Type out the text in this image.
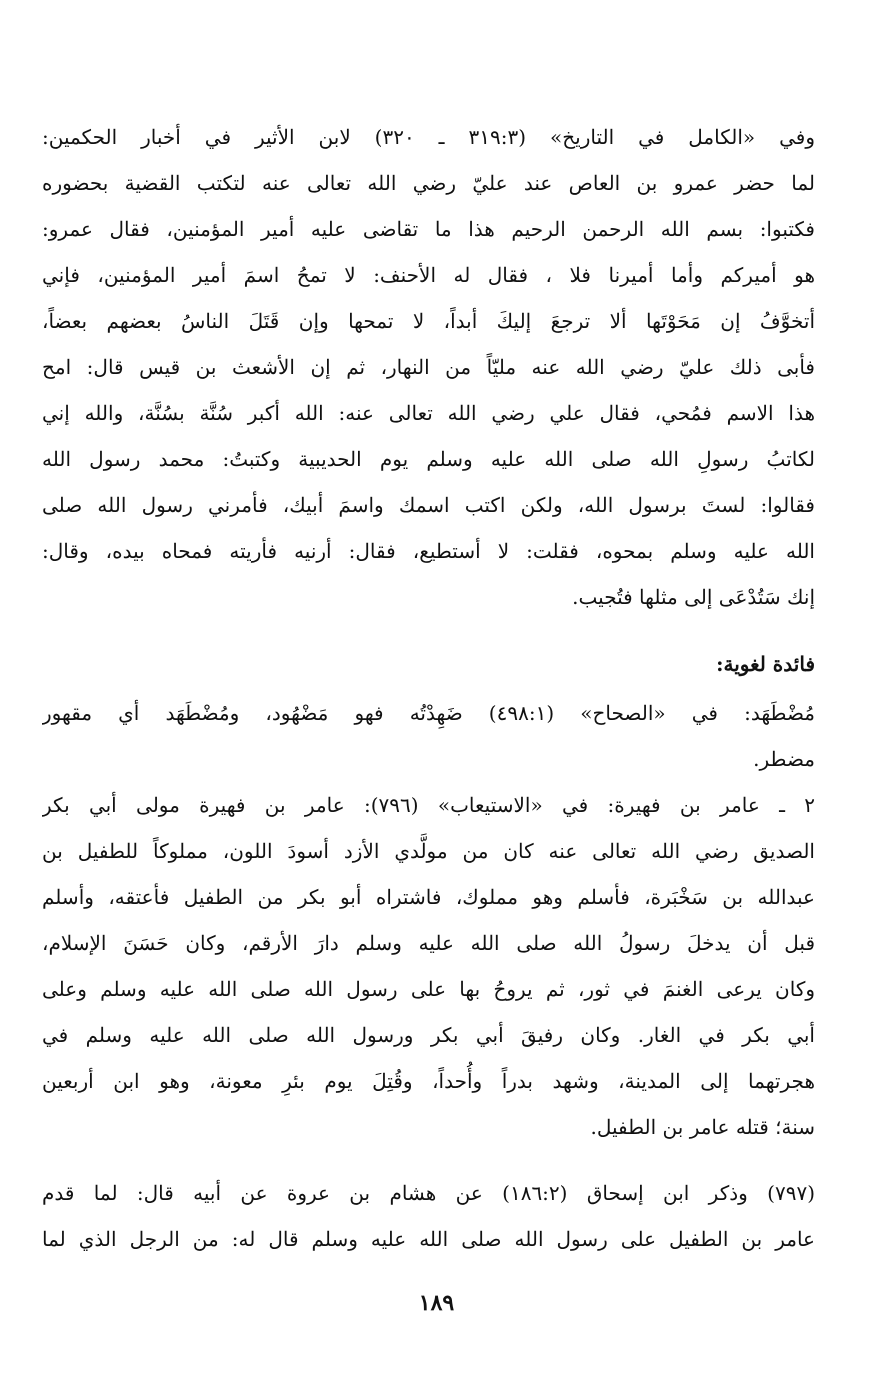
وفي «الكامل في التاريخ» (٣١٩:٣ ـ ٣٢٠) لابن الأثير في أخبار الحكمين:
لما حضر عمرو بن العاص عند عليّ رضي الله تعالى عنه لتكتب القضية بحضوره
فكتبوا: بسم الله الرحمن الرحيم هذا ما تقاضى عليه أمير المؤمنين، فقال عمرو:
هو أميركم وأما أميرنا فلا ، فقال له الأحنف: لا تمحُ اسمَ أمير المؤمنين، فإني
أتخوَّفُ إن مَحَوْتَها ألا ترجعَ إليكَ أبداً، لا تمحها وإن قَتَلَ الناسُ بعضهم بعضاً،
فأبى ذلك عليّ رضي الله عنه مليّاً من النهار، ثم إن الأشعث بن قيس قال: امح
هذا الاسم فمُحي، فقال علي رضي الله تعالى عنه: الله أكبر سُنَّة بسُنَّة، والله إني
لكاتبُ رسولِ الله صلى الله عليه وسلم يوم الحديبية وكتبتُ: محمد رسول الله
فقالوا: لستَ برسول الله، ولكن اكتب اسمك واسمَ أبيك، فأمرني رسول الله صلى
الله عليه وسلم بمحوه، فقلت: لا أستطيع، فقال: أرنيه فأريته فمحاه بيده، وقال:
إنك سَتُدْعَى إلى مثلها فتُجيب.
فائدة لغوية:
مُضْطَهَد: في «الصحاح» (٤٩٨:١) ضَهِدْتُه فهو مَضْهُود، ومُضْطَهَد أي مقهور
مضطر.
٢ ـ عامر بن فهيرة: في «الاستيعاب» (٧٩٦): عامر بن فهيرة مولى أبي بكر
الصديق رضي الله تعالى عنه كان من مولَّدي الأزد أسودَ اللون، مملوكاً للطفيل بن
عبدالله بن سَخْبَرة، فأسلم وهو مملوك، فاشتراه أبو بكر من الطفيل فأعتقه، وأسلم
قبل أن يدخلَ رسولُ الله صلى الله عليه وسلم دارَ الأرقم، وكان حَسَنَ الإسلام،
وكان يرعى الغنمَ في ثور، ثم يروحُ بها على رسول الله صلى الله عليه وسلم وعلى
أبي بكر في الغار. وكان رفيقَ أبي بكر ورسول الله صلى الله عليه وسلم في
هجرتهما إلى المدينة، وشهد بدراً وأُحداً، وقُتِلَ يوم بئرِ معونة، وهو ابن أربعين
سنة؛ قتله عامر بن الطفيل.
(٧٩٧) وذكر ابن إسحاق (١٨٦:٢) عن هشام بن عروة عن أبيه قال: لما قدم
عامر بن الطفيل على رسول الله صلى الله عليه وسلم قال له: من الرجل الذي لما
١٨٩
